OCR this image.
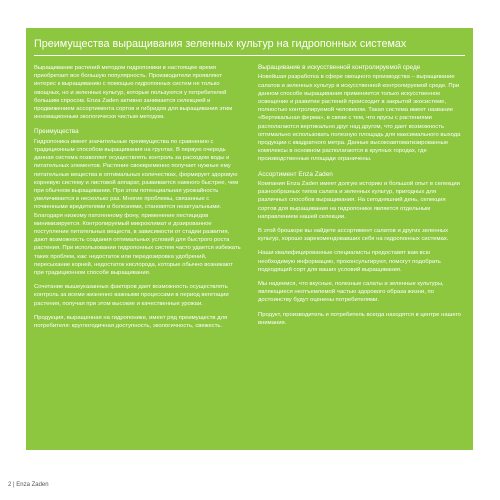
Преимущества выращивания зеленных культур на гидропонных системах

Выращивание растений методом гидропоники в настоящее время приобретает все большую популярность. Производители проявляют интерес к выращиванию с помощью гидропонных систем не только овощных, но и зеленных культур, которые пользуются у потребителей большим спросом. Enza Zaden активно занимается селекцией и продвижением ассортимента сортов и гибридов для выращивания этим инновационным экологически чистым методом.

Преимущества

Гидропоника имеет значительные преимущества по сравнению с традиционным способом выращивания на грунтах. В первую очередь данная система позволяет осуществлять контроль за расходом воды и питательных элементов. Растение своевременно получает нужные ему питательные вещества в оптимальных количествах, формирует здоровую корневую систему и листовой аппарат, развивается намного быстрее, чем при обычном выращивании. При этом потенциальная урожайность увеличивается в несколько раз. Многие проблемы, связанные с почвенными вредителями и болезнями, становятся неактуальными. Благодаря низкому патогенному фону, применение пестицидов минимизируется. Контролируемый микроклимат и дозированное поступление питательных веществ, в зависимости от стадии развития, дают возможность создания оптимальных условий для быстрого роста растения. При использовании гидропонных систем часто удается избежать таких проблем, как: недостаток или передозировка удобрений, пересыхание корней, недостаток кислорода, которые обычно возникают при традиционном способе выращивания.

Сочетание вышеуказанных факторов дает возможность осуществлять контроль за всеми жизненно важными процессами в период вегетации растения, получая при этом высокие и качественные урожаи.

Продукция, выращенная на гидропонике, имеет ряд преимуществ для потребителя: круглогодичная доступность, экологичность, свежесть.

Выращивание в искусственной контролируемой среде

Новейшая разработка в сфере овощного производства – выращивание салатов и зеленных культур в искусственной контролируемой среде. При данном способе выращивания применяется только искусственное освещение и развитие растений происходит в закрытой экосистеме, полностью контролируемой человеком. Такая система имеет название «Вертикальная ферма», в связи с тем, что ярусы с растениями располагаются вертикально друг над другом, что дает возможность оптимально использовать полезную площадь для максимального выхода продукции с квадратного метра. Данные высокоавтоматизированные комплексы в основном располагаются в крупных городах, где производственные площади ограничены.

Ассортимент Enza Zaden

Компания Enza Zaden имеет долгую историю и большой опыт в селекции разнообразных типов салата и зеленных культур, пригодных для различных способов выращивания. На сегодняшний день, селекция сортов для выращивания на гидропонике является отдельным направлением нашей селекции.

В этой брошюре вы найдете ассортимент салатов и других зеленных культур, хорошо зарекомендовавших себя на гидропонных системах.

Наши квалифицированные специалисты предоставят вам всю необходимую информацию, проконсультируют, помогут подобрать подходящий сорт для ваших условий выращивания.

Мы надеемся, что вкусные, полезные салаты и зеленные культуры, являющиеся неотъемлемой частью здорового образа жизни, по достоинству будут оценены потребителями.

Продукт, производитель и потребитель всегда находятся в центре нашего внимания.

2 | Enza Zaden
